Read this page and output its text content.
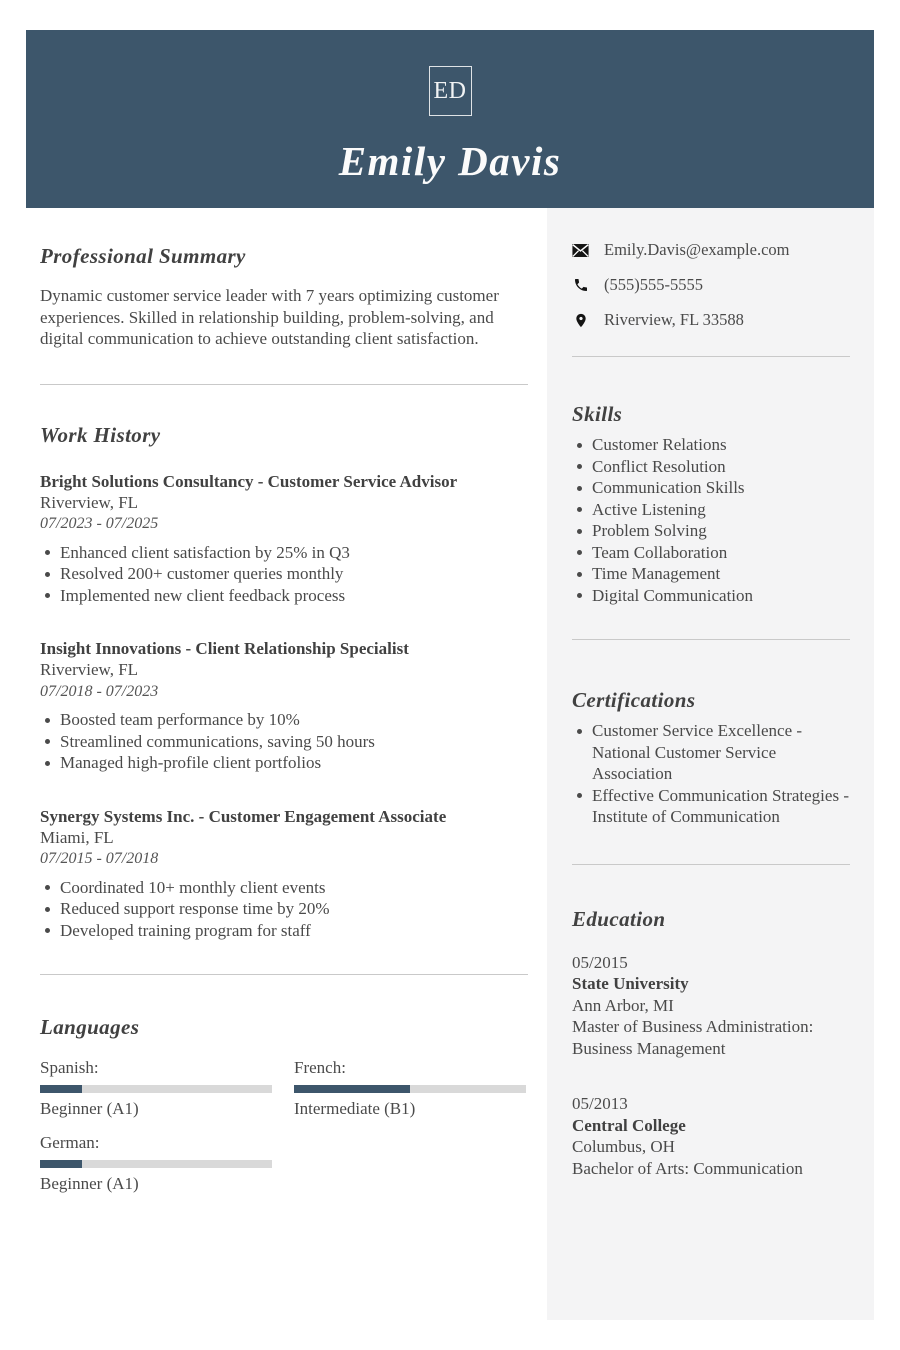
ED
Emily Davis
Professional Summary

Dynamic customer service leader with 7 years optimizing customer experiences. Skilled in relationship building, problem-solving, and digital communication to achieve outstanding client satisfaction.

Work History
Bright Solutions Consultancy - Customer Service Advisor
Riverview, FL
07/2023 - 07/2025
Enhanced client satisfaction by 25% in Q3
Resolved 200+ customer queries monthly
Implemented new client feedback process
Insight Innovations - Client Relationship Specialist
Riverview, FL
07/2018 - 07/2023
Boosted team performance by 10%
Streamlined communications, saving 50 hours
Managed high-profile client portfolios
Synergy Systems Inc. - Customer Engagement Associate
Miami, FL
07/2015 - 07/2018
Coordinated 10+ monthly client events
Reduced support response time by 20%
Developed training program for staff
Languages
Spanish:
Beginner (A1)
French:
Intermediate (B1)
German:
Beginner (A1)
Emily.Davis@example.com
(555)555-5555
Riverview, FL 33588
Skills
Customer Relations
Conflict Resolution
Communication Skills
Active Listening
Problem Solving
Team Collaboration
Time Management
Digital Communication
Certifications
Customer Service Excellence - National Customer Service Association
Effective Communication Strategies - Institute of Communication
Education
05/2015
State University
Ann Arbor, MI
Master of Business Administration: Business Management
05/2013
Central College
Columbus, OH
Bachelor of Arts: Communication
